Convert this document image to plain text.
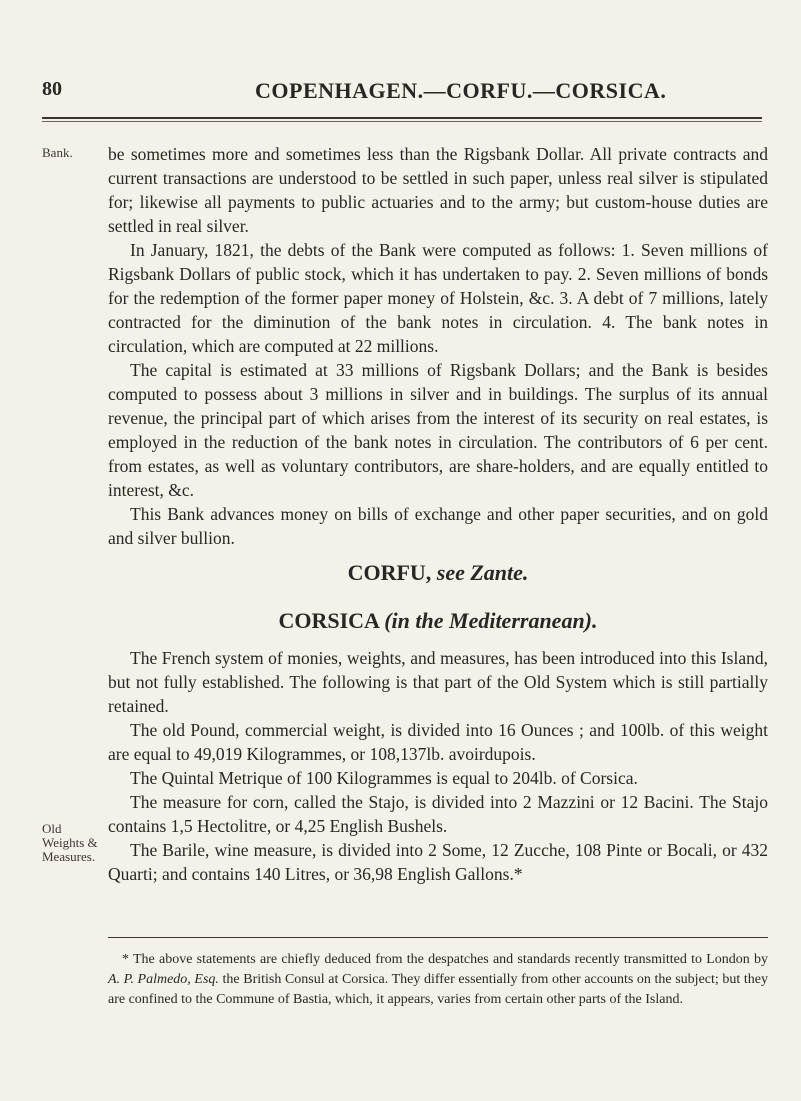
80	COPENHAGEN.—CORFU.—CORSICA.
Bank. be sometimes more and sometimes less than the Rigsbank Dollar. All private contracts and current transactions are understood to be settled in such paper, unless real silver is stipulated for; likewise all payments to public actuaries and to the army; but custom-house duties are settled in real silver.

In January, 1821, the debts of the Bank were computed as follows: 1. Seven millions of Rigsbank Dollars of public stock, which it has undertaken to pay. 2. Seven millions of bonds for the redemption of the former paper money of Holstein, &c. 3. A debt of 7 millions, lately contracted for the diminution of the bank notes in circulation. 4. The bank notes in circulation, which are computed at 22 millions.

The capital is estimated at 33 millions of Rigsbank Dollars; and the Bank is besides computed to possess about 3 millions in silver and in buildings. The surplus of its annual revenue, the principal part of which arises from the interest of its security on real estates, is employed in the reduction of the bank notes in circulation. The contributors of 6 per cent. from estates, as well as voluntary contributors, are share-holders, and are equally entitled to interest, &c.

This Bank advances money on bills of exchange and other paper securities, and on gold and silver bullion.

CORFU, see Zante.
CORSICA (in the Mediterranean).
Old
Weights &
Measures.

The French system of monies, weights, and measures, has been introduced into this Island, but not fully established. The following is that part of the Old System which is still partially retained.

The old Pound, commercial weight, is divided into 16 Ounces ; and 100lb. of this weight are equal to 49,019 Kilogrammes, or 108,137lb. avoirdupois.

The Quintal Metrique of 100 Kilogrammes is equal to 204lb. of Corsica.

The measure for corn, called the Stajo, is divided into 2 Mazzini or 12 Bacini. The Stajo contains 1,5 Hectolitre, or 4,25 English Bushels.

The Barile, wine measure, is divided into 2 Some, 12 Zucche, 108 Pinte or Bocali, or 432 Quarti; and contains 140 Litres, or 36,98 English Gallons.*

* The above statements are chiefly deduced from the despatches and standards recently transmitted to London by A. P. Palmedo, Esq. the British Consul at Corsica. They differ essentially from other accounts on the subject; but they are confined to the Commune of Bastia, which, it appears, varies from certain other parts of the Island.
